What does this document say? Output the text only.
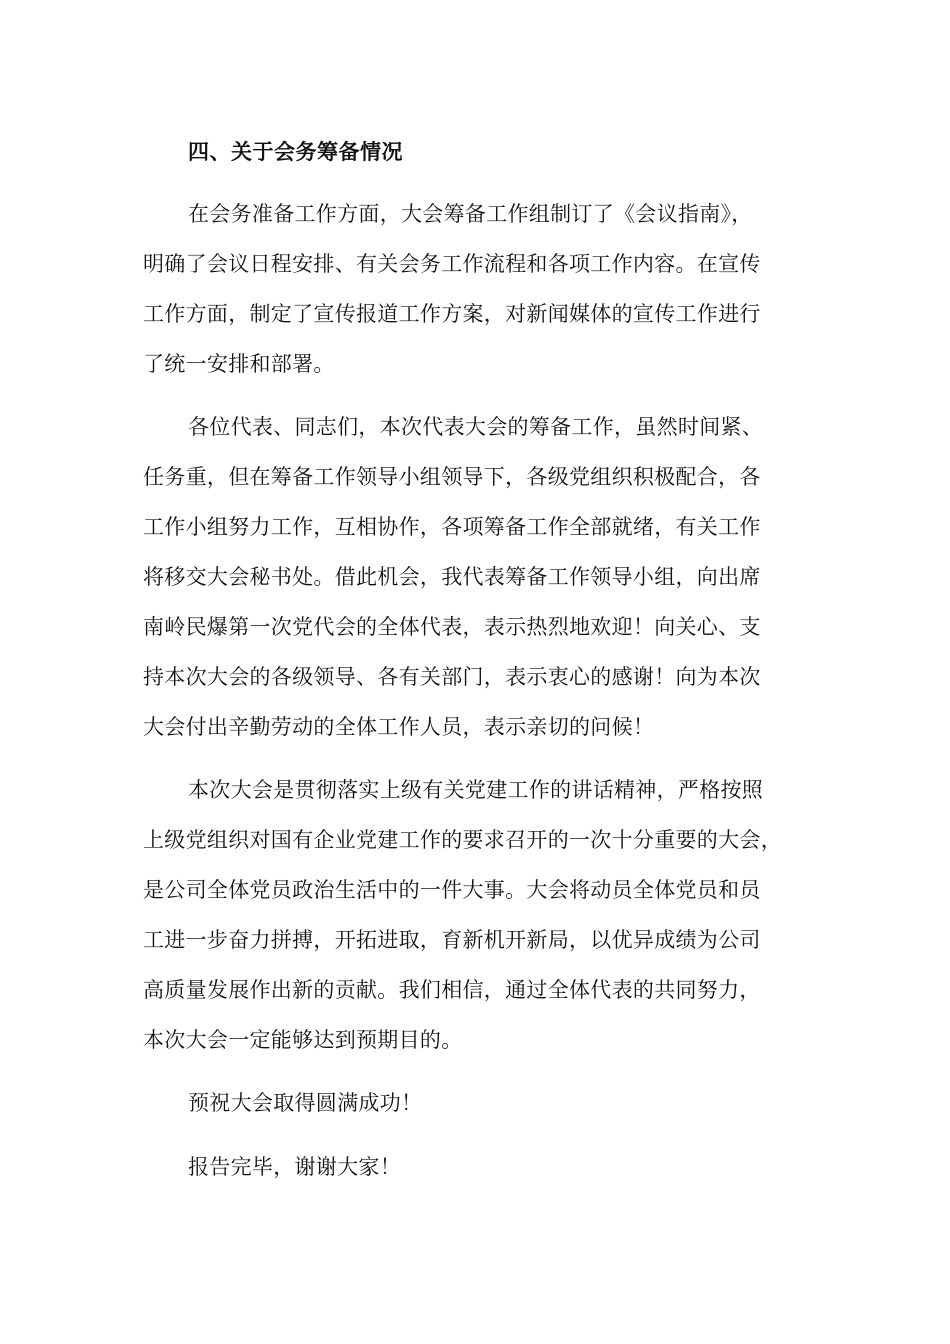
四、关于会务筹备情况
在会务准备工作方面，大会筹备工作组制订了《会议指南》，
明确了会议日程安排、有关会务工作流程和各项工作内容。在宣传
工作方面，制定了宣传报道工作方案，对新闻媒体的宣传工作进行
了统一安排和部署。
各位代表、同志们，本次代表大会的筹备工作，虽然时间紧、
任务重，但在筹备工作领导小组领导下，各级党组织积极配合，各
工作小组努力工作，互相协作，各项筹备工作全部就绪，有关工作
将移交大会秘书处。借此机会，我代表筹备工作领导小组，向出席
南岭民爆第一次党代会的全体代表，表示热烈地欢迎！向关心、支
持本次大会的各级领导、各有关部门，表示衷心的感谢！向为本次
大会付出辛勤劳动的全体工作人员，表示亲切的问候！
本次大会是贯彻落实上级有关党建工作的讲话精神，严格按照
上级党组织对国有企业党建工作的要求召开的一次十分重要的大会，
是公司全体党员政治生活中的一件大事。大会将动员全体党员和员
工进一步奋力拼搏，开拓进取，育新机开新局，以优异成绩为公司
高质量发展作出新的贡献。我们相信，通过全体代表的共同努力，
本次大会一定能够达到预期目的。
预祝大会取得圆满成功！
报告完毕，谢谢大家！
